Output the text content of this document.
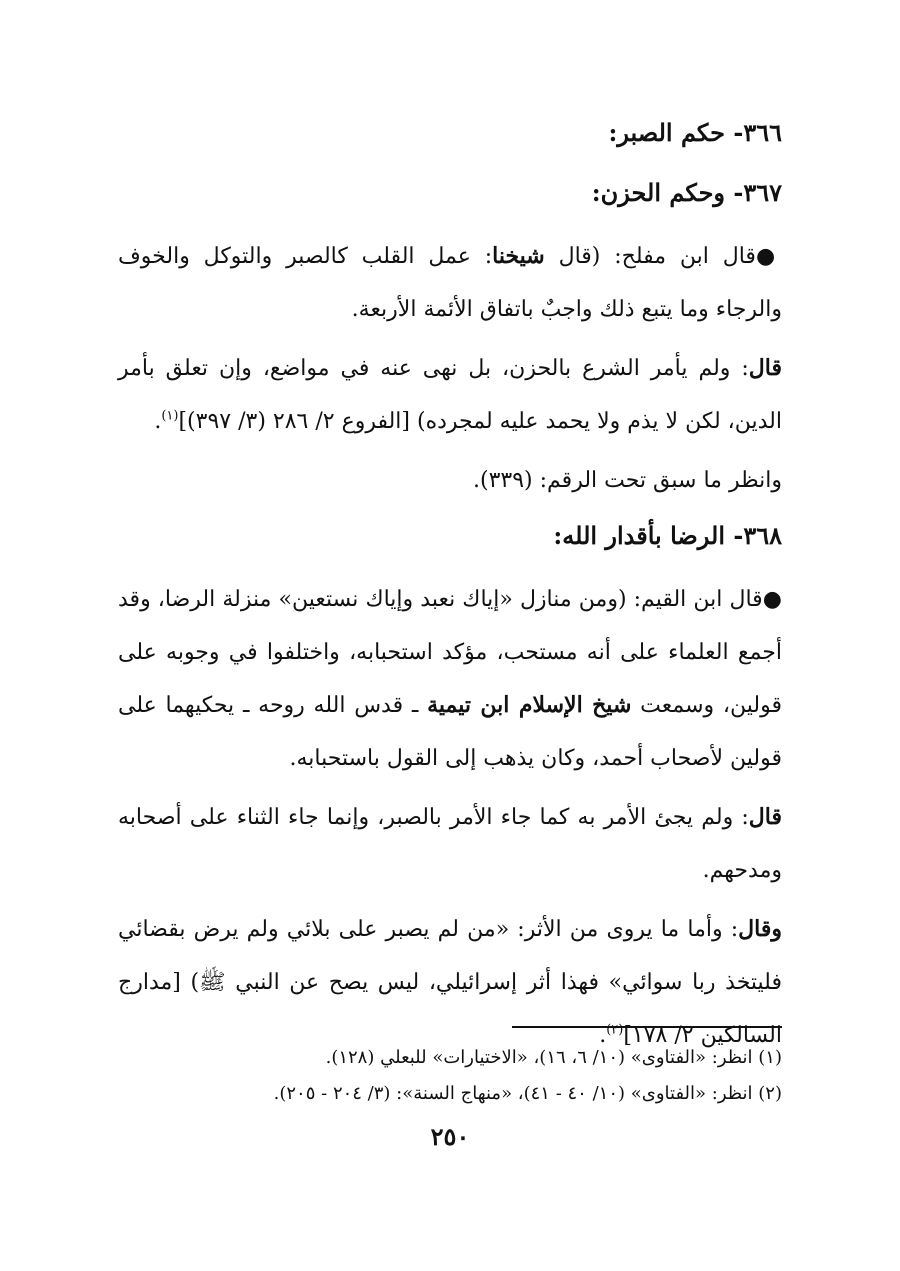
٣٦٦- حكم الصبر:
٣٦٧- وحكم الحزن:

●قال ابن مفلح: (قال شيخنا: عمل القلب كالصبر والتوكل والخوف والرجاء وما يتبع ذلك واجبٌ باتفاق الأئمة الأربعة.

قال: ولم يأمر الشرع بالحزن، بل نهى عنه في مواضع، وإن تعلق بأمر الدين، لكن لا يذم ولا يحمد عليه لمجرده) [الفروع ٢/ ٢٨٦ (٣/ ٣٩٧)]$^{(١)}$.

وانظر ما سبق تحت الرقم: (٣٣٩).

٣٦٨- الرضا بأقدار الله:

●قال ابن القيم: (ومن منازل «إياك نعبد وإياك نستعين» منزلة الرضا، وقد أجمع العلماء على أنه مستحب، مؤكد استحبابه، واختلفوا في وجوبه على قولين، وسمعت شيخ الإسلام ابن تيمية ـ قدس الله روحه ـ يحكيهما على قولين لأصحاب أحمد، وكان يذهب إلى القول باستحبابه.

قال: ولم يجئ الأمر به كما جاء الأمر بالصبر، وإنما جاء الثناء على أصحابه ومدحهم.

وقال: وأما ما يروى من الأثر: «من لم يصبر على بلائي ولم يرض بقضائي فليتخذ ربا سوائي» فهذا أثر إسرائيلي، ليس يصح عن النبي ﷺ) [مدارج السالكين ٢/ ١٧٨]$^{(٢)}$.

(١) انظر: «الفتاوى» (١٠/ ٦، ١٦)، «الاختيارات» للبعلي (١٢٨).
(٢) انظر: «الفتاوى» (١٠/ ٤٠ - ٤١)، «منهاج السنة»: (٣/ ٢٠٤ - ٢٠٥).
٢٥٠
